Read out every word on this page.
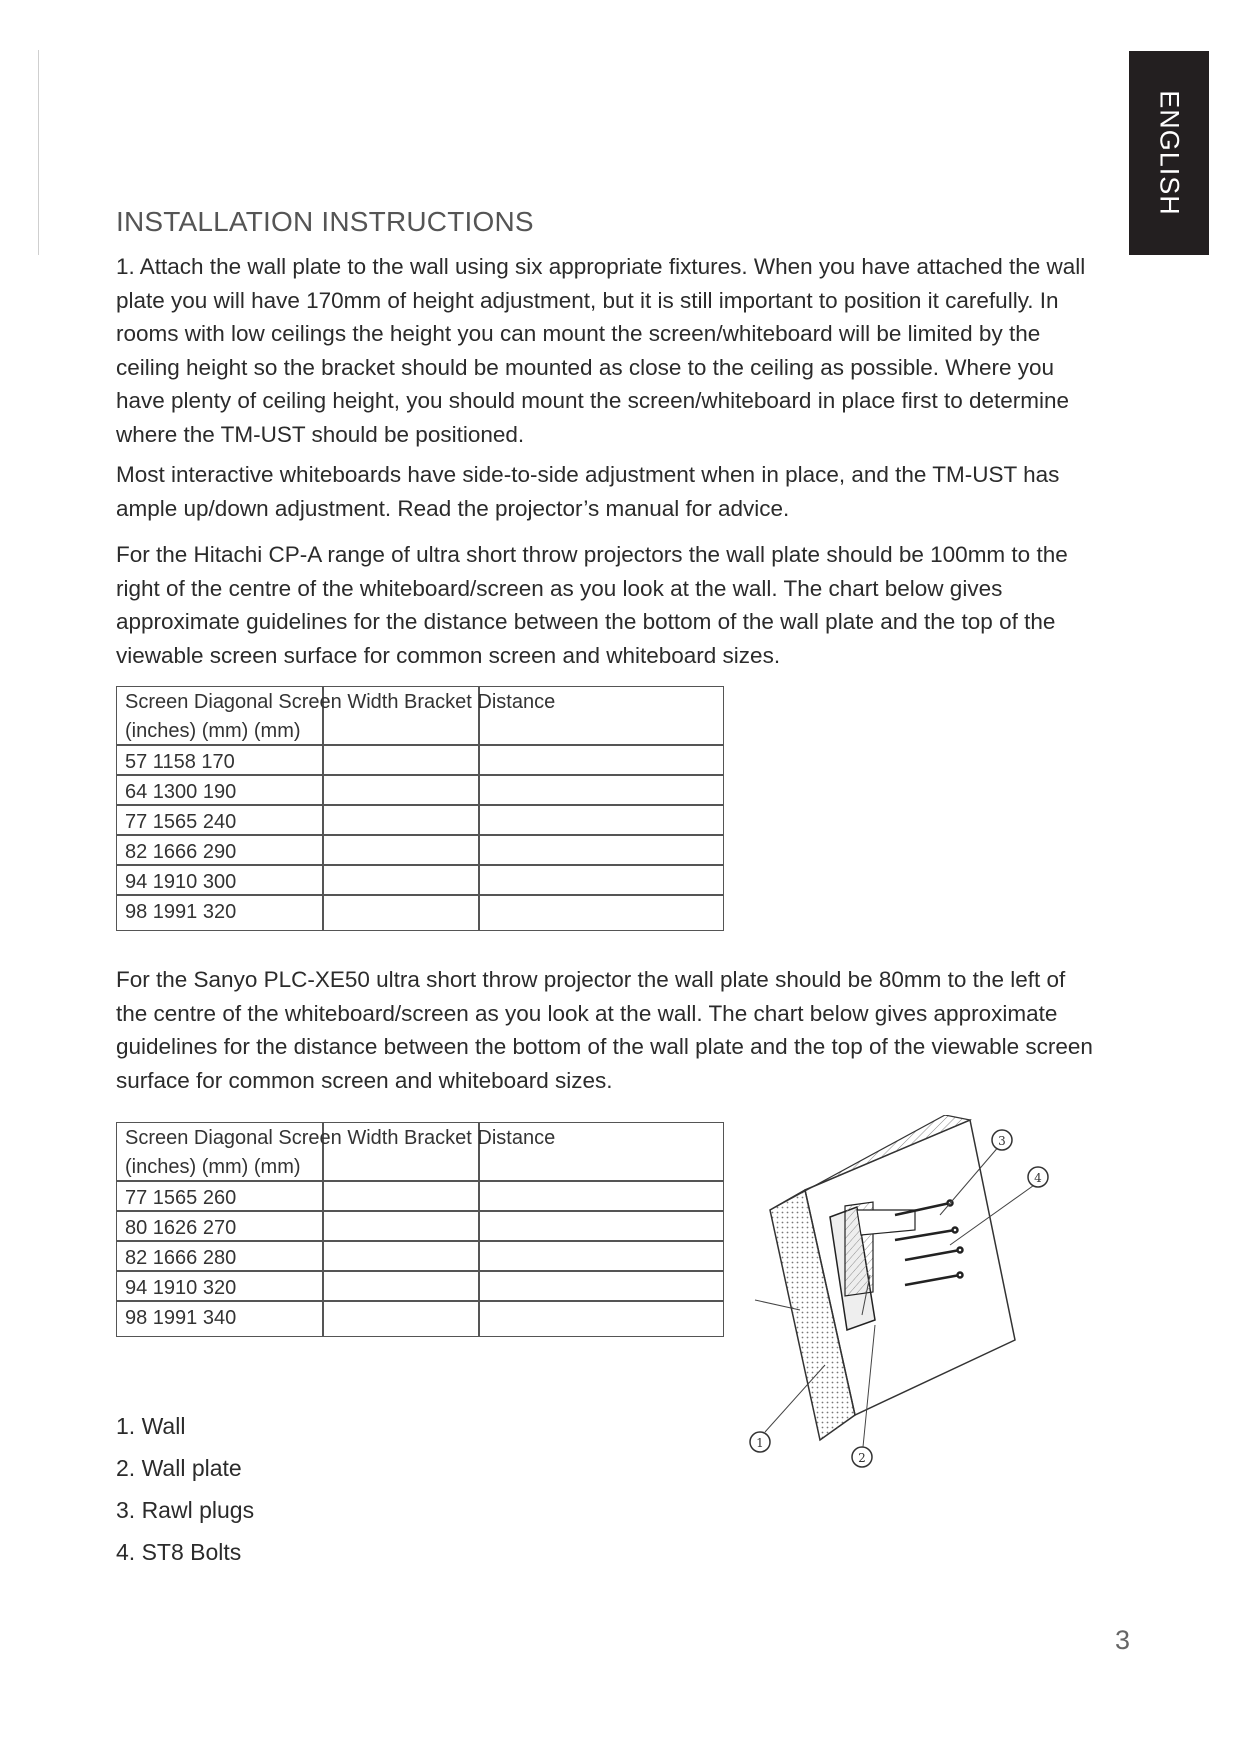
ENGLISH
INSTALLATION INSTRUCTIONS

1. Attach the wall plate to the wall using six appropriate fixtures. When you have attached the wall plate you will have 170mm of height adjustment, but it is still important to position it carefully. In rooms with low ceilings the height you can mount the screen/whiteboard will be limited by the ceiling height so the bracket should be mounted as close to the ceiling as possible. Where you have plenty of ceiling height, you should mount the screen/whiteboard in place first to determine where the TM-UST should be positioned.

Most interactive whiteboards have side-to-side adjustment when in place, and the TM-UST has ample up/down adjustment. Read the projector’s manual for advice.

For the Hitachi CP-A range of ultra short throw projectors the wall plate should be 100mm to the right of the centre of the whiteboard/screen as you look at the wall. The chart below gives approximate guidelines for the distance between the bottom of the wall plate and the top of the viewable screen surface for common screen and whiteboard sizes.

Screen Diagonal Screen Width Bracket Distance
(inches) (mm) (mm)
57 1158 170
64 1300 190
77 1565 240
82 1666 290
94 1910 300
98 1991 320

For the Sanyo PLC-XE50 ultra short throw projector the wall plate should be 80mm to the left of the centre of the whiteboard/screen as you look at the wall. The chart below gives approximate guidelines for the distance between the bottom of the wall plate and the top of the viewable screen surface for common screen and whiteboard sizes.

Screen Diagonal Screen Width Bracket Distance
(inches) (mm) (mm)
77 1565 260
80 1626 270
82 1666 280
94 1910 320
98 1991 340
1. Wall
2. Wall plate
3. Rawl plugs
4. ST8 Bolts
3
4
1
2
3
